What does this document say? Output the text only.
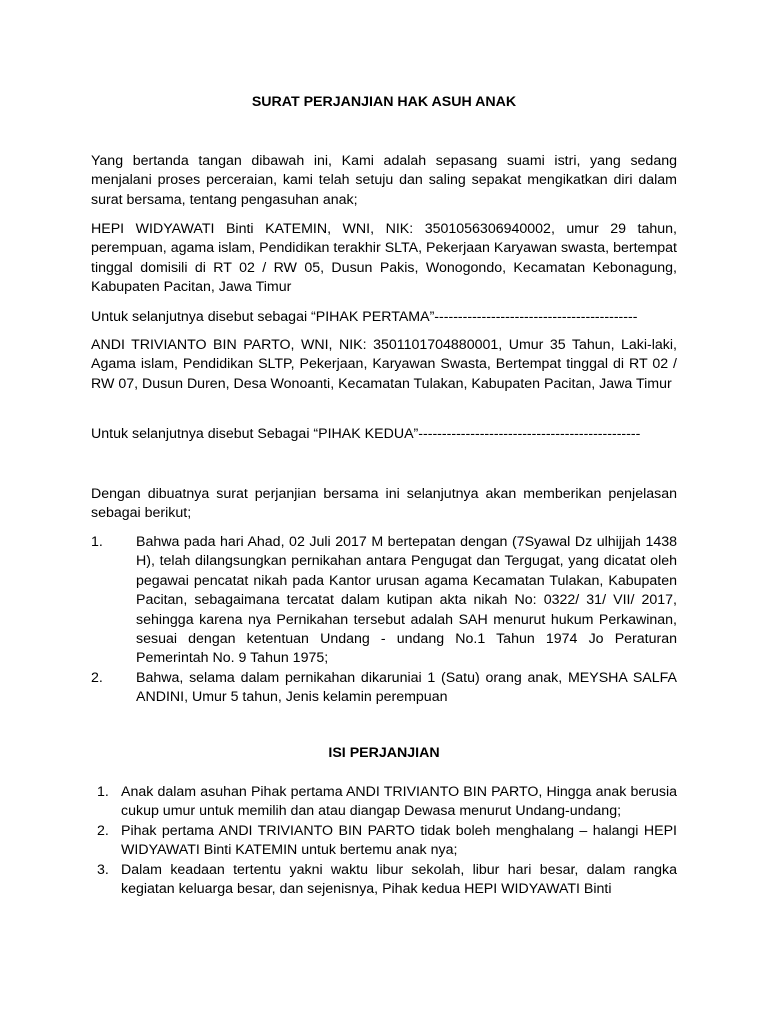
SURAT PERJANJIAN HAK ASUH ANAK

Yang bertanda tangan dibawah ini, Kami adalah sepasang suami istri, yang sedang menjalani proses perceraian, kami telah setuju dan saling sepakat mengikatkan diri dalam surat bersama, tentang pengasuhan anak;

HEPI WIDYAWATI Binti KATEMIN, WNI, NIK: 3501056306940002, umur 29 tahun, perempuan, agama islam, Pendidikan terakhir SLTA, Pekerjaan Karyawan swasta, bertempat tinggal domisili di RT 02 / RW 05, Dusun Pakis, Wonogondo, Kecamatan Kebonagung, Kabupaten Pacitan, Jawa Timur

Untuk selanjutnya disebut sebagai “PIHAK PERTAMA”-------------------------------------------

ANDI TRIVIANTO BIN PARTO, WNI, NIK: 3501101704880001, Umur 35 Tahun, Laki-laki, Agama islam, Pendidikan SLTP, Pekerjaan, Karyawan Swasta, Bertempat tinggal di RT 02 / RW 07, Dusun Duren, Desa Wonoanti, Kecamatan Tulakan, Kabupaten Pacitan, Jawa Timur

Untuk selanjutnya disebut Sebagai “PIHAK KEDUA”-----------------------------------------------

Dengan dibuatnya surat perjanjian bersama ini selanjutnya akan memberikan penjelasan sebagai berikut;

1. Bahwa pada hari Ahad, 02 Juli 2017 M bertepatan dengan (7Syawal Dz ulhijjah 1438 H), telah dilangsungkan pernikahan antara Pengugat dan Tergugat, yang dicatat oleh pegawai pencatat nikah pada Kantor urusan agama Kecamatan Tulakan, Kabupaten Pacitan, sebagaimana tercatat dalam kutipan akta nikah No: 0322/ 31/ VII/ 2017, sehingga karena nya Pernikahan tersebut adalah SAH menurut hukum Perkawinan, sesuai dengan ketentuan Undang - undang No.1 Tahun 1974 Jo Peraturan Pemerintah No. 9 Tahun 1975;
2. Bahwa, selama dalam pernikahan dikaruniai 1 (Satu) orang anak, MEYSHA SALFA ANDINI, Umur 5 tahun, Jenis kelamin perempuan
ISI PERJANJIAN
1. Anak dalam asuhan Pihak pertama ANDI TRIVIANTO BIN PARTO, Hingga anak berusia cukup umur untuk memilih dan atau diangap Dewasa menurut Undang-undang;
2. Pihak pertama ANDI TRIVIANTO BIN PARTO tidak boleh menghalang – halangi HEPI WIDYAWATI Binti KATEMIN untuk bertemu anak nya;
3. Dalam keadaan tertentu yakni waktu libur sekolah, libur hari besar, dalam rangka kegiatan keluarga besar, dan sejenisnya, Pihak kedua HEPI WIDYAWATI Binti
